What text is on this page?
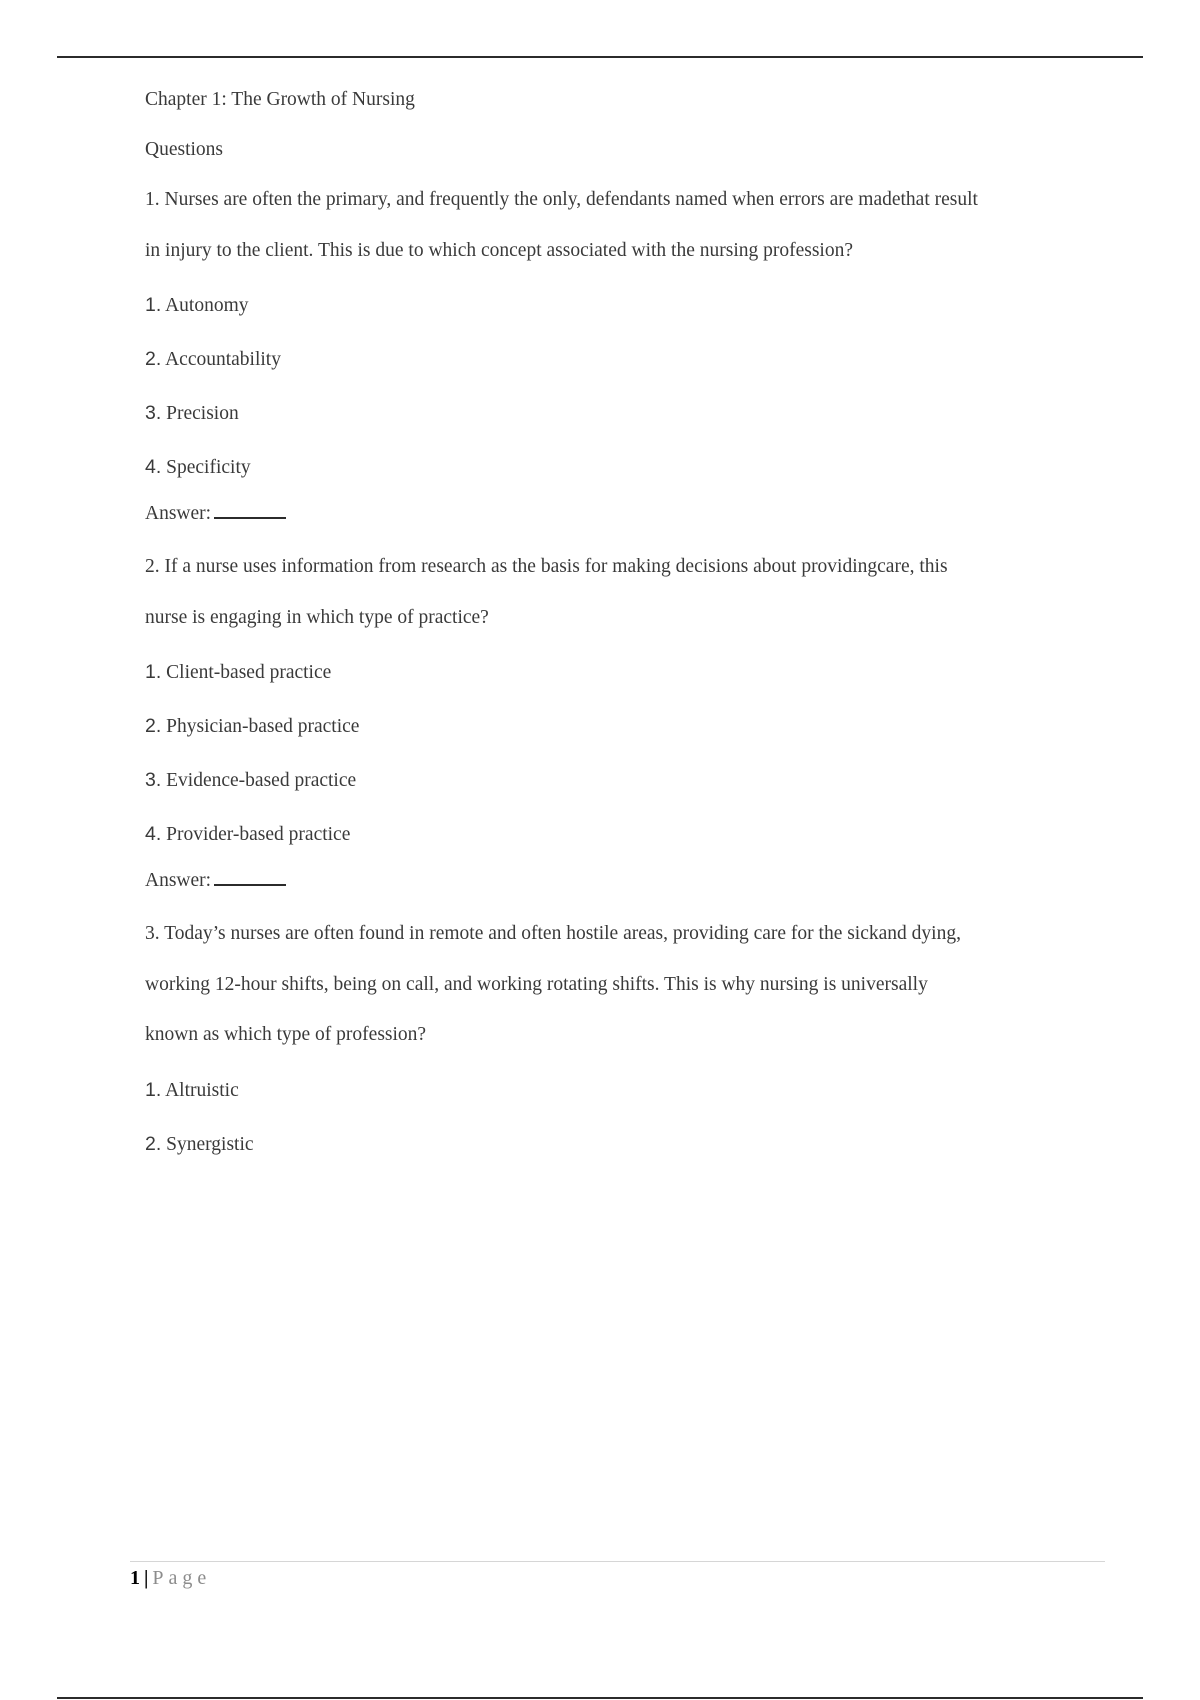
Chapter 1: The Growth of Nursing
Questions
1. Nurses are often the primary, and frequently the only, defendants named when errors are madethat result
in injury to the client. This is due to which concept associated with the nursing profession?
1. Autonomy
2. Accountability
3. Precision
4. Specificity
Answer:
2. If a nurse uses information from research as the basis for making decisions about providingcare, this
nurse is engaging in which type of practice?
1. Client-based practice
2. Physician-based practice
3. Evidence-based practice
4. Provider-based practice
Answer:
3. Today’s nurses are often found in remote and often hostile areas, providing care for the sickand dying,
working 12-hour shifts, being on call, and working rotating shifts. This is why nursing is universally
known as which type of profession?
1. Altruistic
2. Synergistic
1 | Page
